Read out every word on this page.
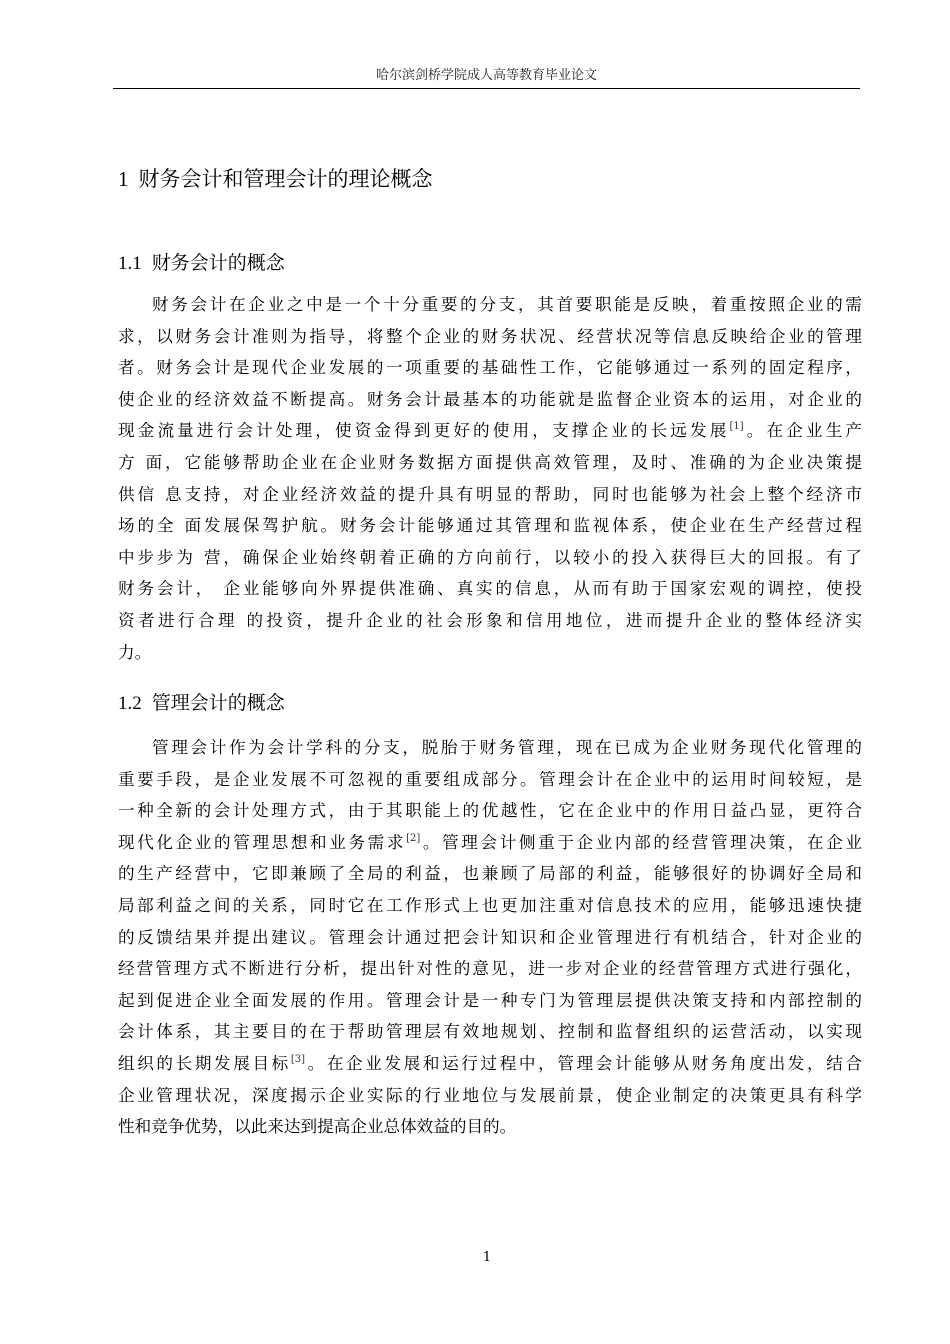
哈尔滨剑桥学院成人高等教育毕业论文
1 财务会计和管理会计的理论概念
1.1 财务会计的概念
财务会计在企业之中是一个十分重要的分支，其首要职能是反映，着重按照企业的需
求，以财务会计准则为指导，将整个企业的财务状况、经营状况等信息反映给企业的管理
者。财务会计是现代企业发展的一项重要的基础性工作，它能够通过一系列的固定程序，
使企业的经济效益不断提高。财务会计最基本的功能就是监督企业资本的运用，对企业的
现金流量进行会计处理，使资金得到更好的使用，支撑企业的长远发展[1]。在企业生产
方 面，它能够帮助企业在企业财务数据方面提供高效管理，及时、准确的为企业决策提
供信 息支持，对企业经济效益的提升具有明显的帮助，同时也能够为社会上整个经济市
场的全 面发展保驾护航。财务会计能够通过其管理和监视体系，使企业在生产经营过程
中步步为 营，确保企业始终朝着正确的方向前行，以较小的投入获得巨大的回报。有了
财务会计， 企业能够向外界提供准确、真实的信息，从而有助于国家宏观的调控，使投
资者进行合理 的投资，提升企业的社会形象和信用地位，进而提升企业的整体经济实
力。
1.2 管理会计的概念
管理会计作为会计学科的分支，脱胎于财务管理，现在已成为企业财务现代化管理的
重要手段，是企业发展不可忽视的重要组成部分。管理会计在企业中的运用时间较短，是
一种全新的会计处理方式，由于其职能上的优越性，它在企业中的作用日益凸显，更符合
现代化企业的管理思想和业务需求[2]。管理会计侧重于企业内部的经营管理决策，在企业
的生产经营中，它即兼顾了全局的利益，也兼顾了局部的利益，能够很好的协调好全局和
局部利益之间的关系，同时它在工作形式上也更加注重对信息技术的应用，能够迅速快捷
的反馈结果并提出建议。管理会计通过把会计知识和企业管理进行有机结合，针对企业的
经营管理方式不断进行分析，提出针对性的意见，进一步对企业的经营管理方式进行强化，
起到促进企业全面发展的作用。管理会计是一种专门为管理层提供决策支持和内部控制的
会计体系，其主要目的在于帮助管理层有效地规划、控制和监督组织的运营活动，以实现
组织的长期发展目标[3]。在企业发展和运行过程中，管理会计能够从财务角度出发，结合
企业管理状况，深度揭示企业实际的行业地位与发展前景，使企业制定的决策更具有科学
性和竞争优势，以此来达到提高企业总体效益的目的。
1
